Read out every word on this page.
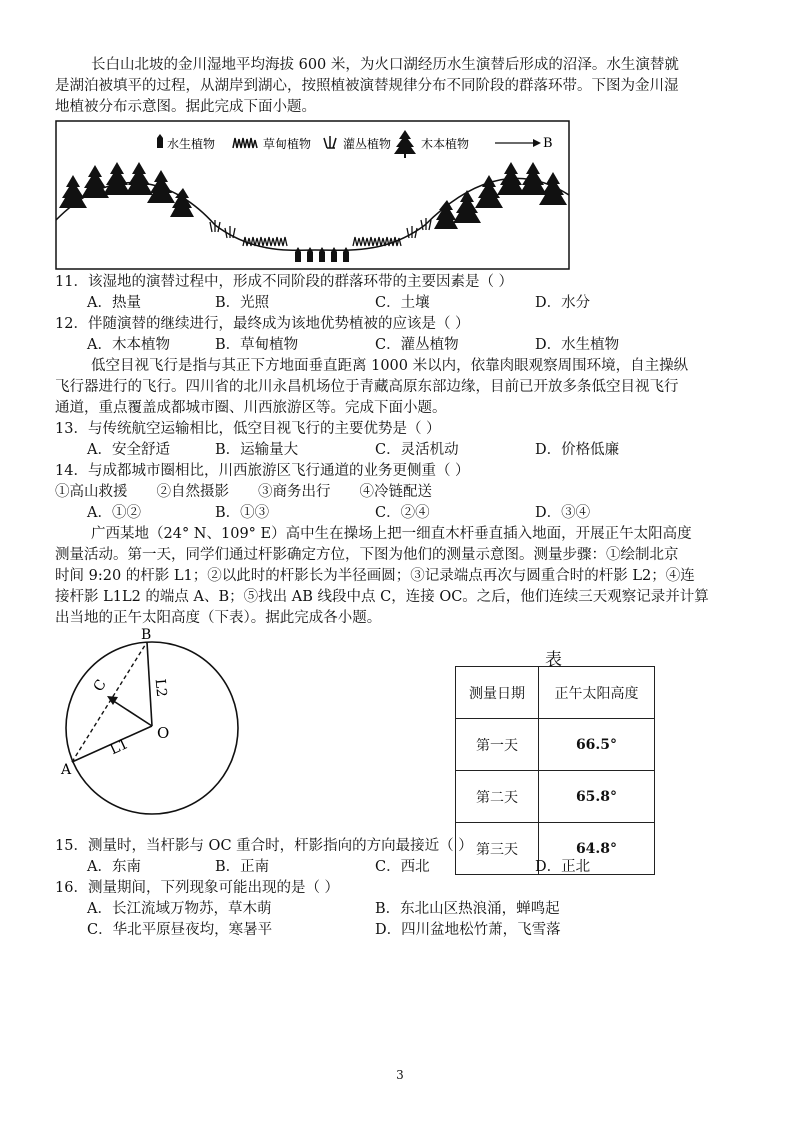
长白山北坡的金川湿地平均海拔 600 米，为火口湖经历水生演替后形成的沼泽。水生演替就
是湖泊被填平的过程，从湖岸到湖心，按照植被演替规律分布不同阶段的群落环带。下图为金川湿
地植被分布示意图。据此完成下面小题。
水生植物	草甸植物	灌丛植物 木本植物	B
11．该湿地的演替过程中，形成不同阶段的群落环带的主要因素是（ ）
A．热量	B．光照	C．土壤	D．水分
12．伴随演替的继续进行，最终成为该地优势植被的应该是（ ）
A．木本植物	B．草甸植物	C．灌丛植物	D．水生植物
低空目视飞行是指与其正下方地面垂直距离 1000 米以内，依靠肉眼观察周围环境，自主操纵
飞行器进行的飞行。四川省的北川永昌机场位于青藏高原东部边缘，目前已开放多条低空目视飞行
通道，重点覆盖成都城市圈、川西旅游区等。完成下面小题。
13．与传统航空运输相比，低空目视飞行的主要优势是（ ）
A．安全舒适	B．运输量大	C．灵活机动	D．价格低廉
14．与成都城市圈相比，川西旅游区飞行通道的业务更侧重（ ）
①高山救援　　②自然摄影　　③商务出行　　④冷链配送
A．①②	B．①③	C．②④	D．③④
广西某地（24° N、109° E）高中生在操场上把一细直木杆垂直插入地面，开展正午太阳高度
测量活动。第一天，同学们通过杆影确定方位，下图为他们的测量示意图。测量步骤：①绘制北京
时间 9:20 的杆影 L1；②以此时的杆影长为半径画圆；③记录端点再次与圆重合时的杆影 L2；④连
接杆影 L1L2 的端点 A、B；⑤找出 AB 线段中点 C，连接 OC。之后，他们连续三天观察记录并计算
出当地的正午太阳高度（下表）。据此完成各小题。
A
B
C
O
L1
L2
表
测量日期	正午太阳高度
第一天	66.5°
第二天	65.8°
第三天	64.8°
15．测量时，当杆影与 OC 重合时，杆影指向的方向最接近（ ）
A．东南	B．正南	C．西北	D．正北
16．测量期间，下列现象可能出现的是（ ）
A．长江流域万物苏，草木萌	B．东北山区热浪涌，蝉鸣起
C．华北平原昼夜均，寒暑平	D．四川盆地松竹萧，飞雪落
3
